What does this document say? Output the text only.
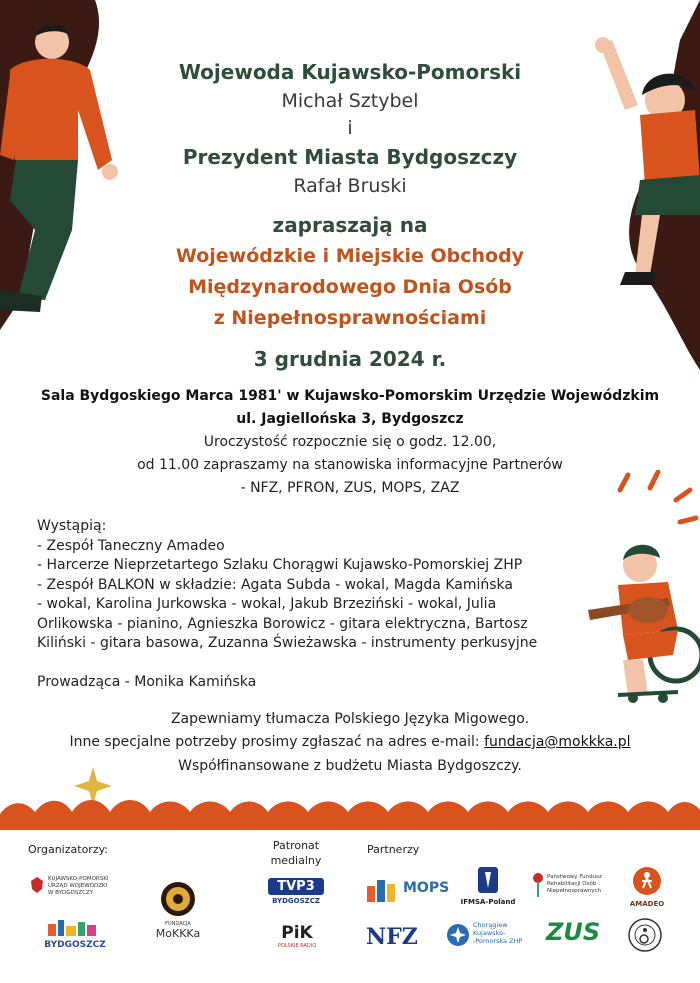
Wojewoda Kujawsko-Pomorski
Michał Sztybel
i
Prezydent Miasta Bydgoszczy
Rafał Bruski
zapraszają na
Wojewódzkie i Miejskie Obchody
Międzynarodowego Dnia Osób
z Niepełnosprawnościami
3 grudnia 2024 r.
Sala Bydgoskiego Marca 1981' w Kujawsko-Pomorskim Urzędzie Wojewódzkim
ul. Jagiellońska 3, Bydgoszcz
Uroczystość rozpocznie się o godz. 12.00,
od 11.00 zapraszamy na stanowiska informacyjne Partnerów
- NFZ, PFRON, ZUS, MOPS, ZAZ
Wystąpią:
- Zespół Taneczny Amadeo
- Harcerze Nieprzetartego Szlaku Chorągwi Kujawsko-Pomorskiej ZHP
- Zespół BALKON w składzie: Agata Subda - wokal, Magda Kamińska
- wokal, Karolina Jurkowska - wokal, Jakub Brzeziński - wokal, Julia
Orlikowska - pianino, Agnieszka Borowicz - gitara elektryczna, Bartosz
Kiliński - gitara basowa, Zuzanna Świeżawska - instrumenty perkusyjne
Prowadząca - Monika Kamińska
Zapewniamy tłumacza Polskiego Języka Migowego.
Inne specjalne potrzeby prosimy zgłaszać na adres e-mail: fundacja@mokkka.pl
Współfinansowane z budżetu Miasta Bydgoszczy.
Organizatorzy:	Patronat
medialny
Partnerzy
KUJAWSKO-POMORSKI
URZĄD WOJEWÓDZKI
W BYDGOSZCZY
BYDGOSZCZ
FUNDACJA
MoKKKa
TVP3
BYDGOSZCZ
PiK
POLSKIE RADIO
MOPS
NFZ
IFMSA-Poland
Chorągiew
Kujawsko-
-Pomorska ZHP
Państwowy Fundusz
Rehabilitacji Osób
Niepełnosprawnych
ZUS
AMADEO
